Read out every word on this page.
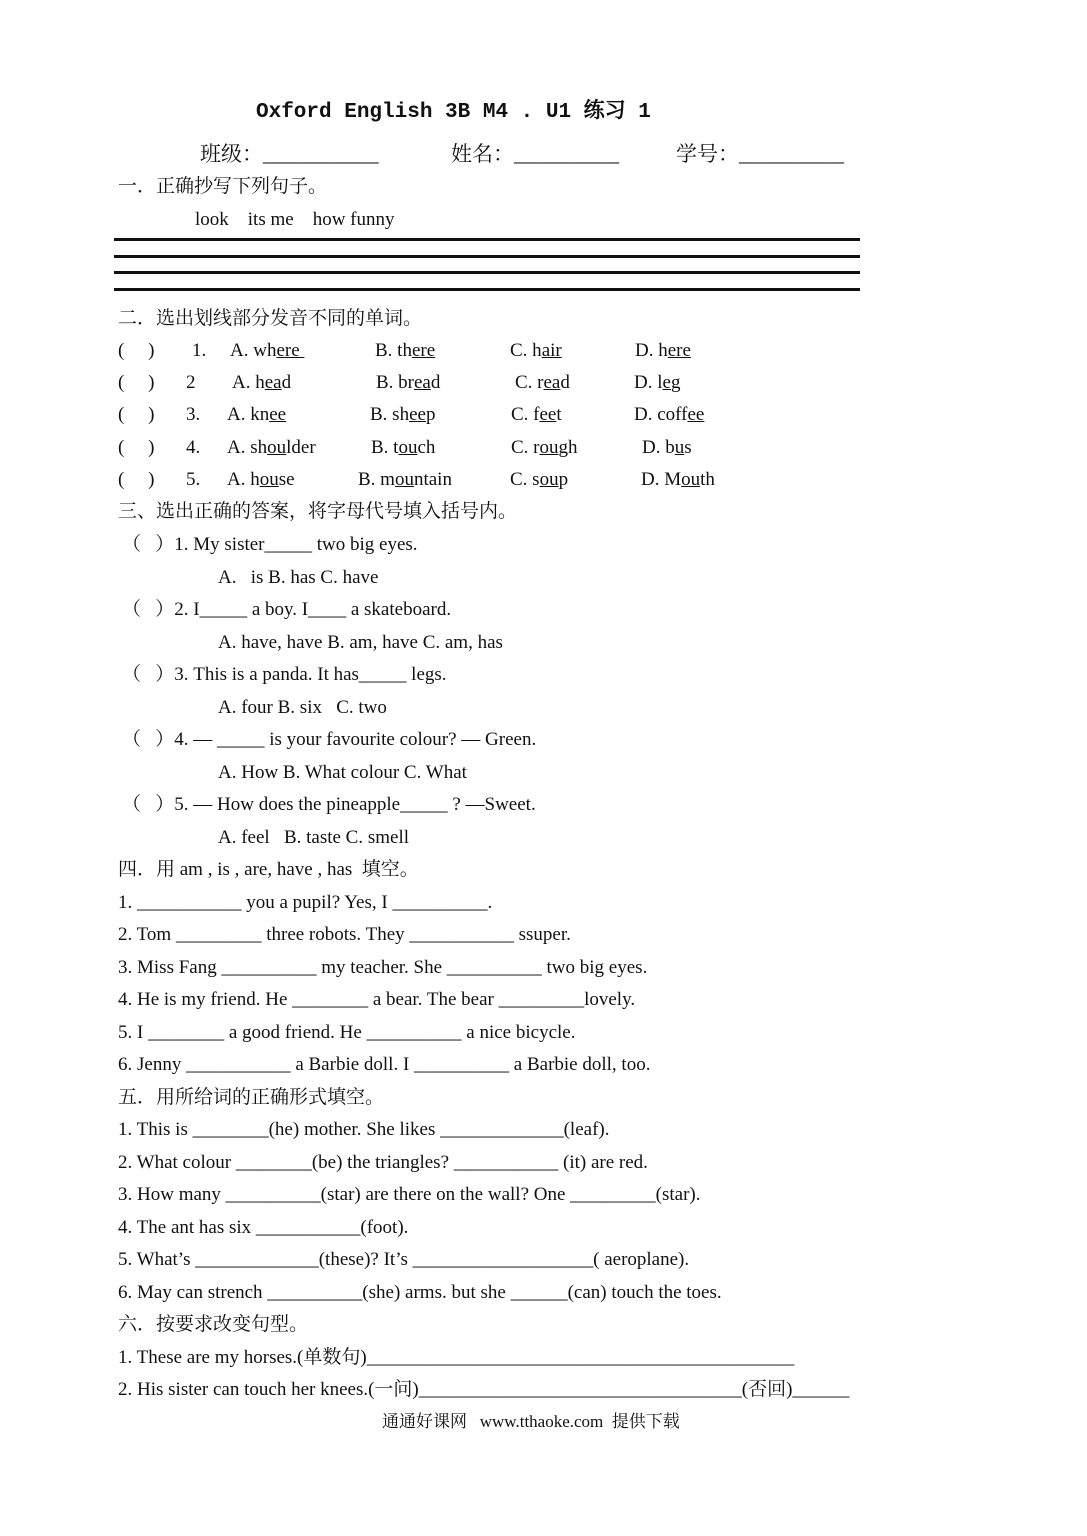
Oxford English 3B M4 . U1 练习 1
班级：___________	姓名：__________	学号：__________
一．正确抄写下列句子。
look    its me    how funny
二．选出划线部分发音不同的单词。
(     ) 1. A. where	B. there	C. hair	D. here
(     ) 2 A. head	B. bread	C. read	D. leg
(     ) 3. A. knee	B. sheep	C. feet	D. coffee
(     ) 4. A. shoulder	B. touch	C. rough	D. bus
(     ) 5. A. house	B. mountain	C. soup	D. Mouth
三、选出正确的答案，将字母代号填入括号内。
（   ）1. My sister_____ two big eyes.
A.   is B. has C. have
（   ）2. I_____ a boy. I____ a skateboard.
A. have, have B. am, have C. am, has
（   ）3. This is a panda. It has_____ legs.
A. four B. six   C. two
（   ）4. — _____ is your favourite colour? — Green.
A. How B. What colour C. What
（   ）5. — How does the pineapple_____ ? —Sweet.
A. feel   B. taste C. smell
四．用 am , is , are, have , has  填空。
1. ___________ you a pupil? Yes, I __________.
2. Tom _________ three robots. They ___________ ssuper.
3. Miss Fang __________ my teacher. She __________ two big eyes.
4. He is my friend. He ________ a bear. The bear _________lovely.
5. I ________ a good friend. He __________ a nice bicycle.
6. Jenny ___________ a Barbie doll. I __________ a Barbie doll, too.
五．用所给词的正确形式填空。
1. This is ________(he) mother. She likes _____________(leaf).
2. What colour ________(be) the triangles? ___________ (it) are red.
3. How many __________(star) are there on the wall? One _________(star).
4. The ant has six ___________(foot).
5. What’s _____________(these)? It’s ___________________( aeroplane).
6. May can strench __________(she) arms. but she ______(can) touch the toes.
六．按要求改变句型。
1. These are my horses.(单数句)_____________________________________________
2. His sister can touch her knees.(一问)__________________________________(否回)______
通通好课网   www.tthaoke.com  提供下载
